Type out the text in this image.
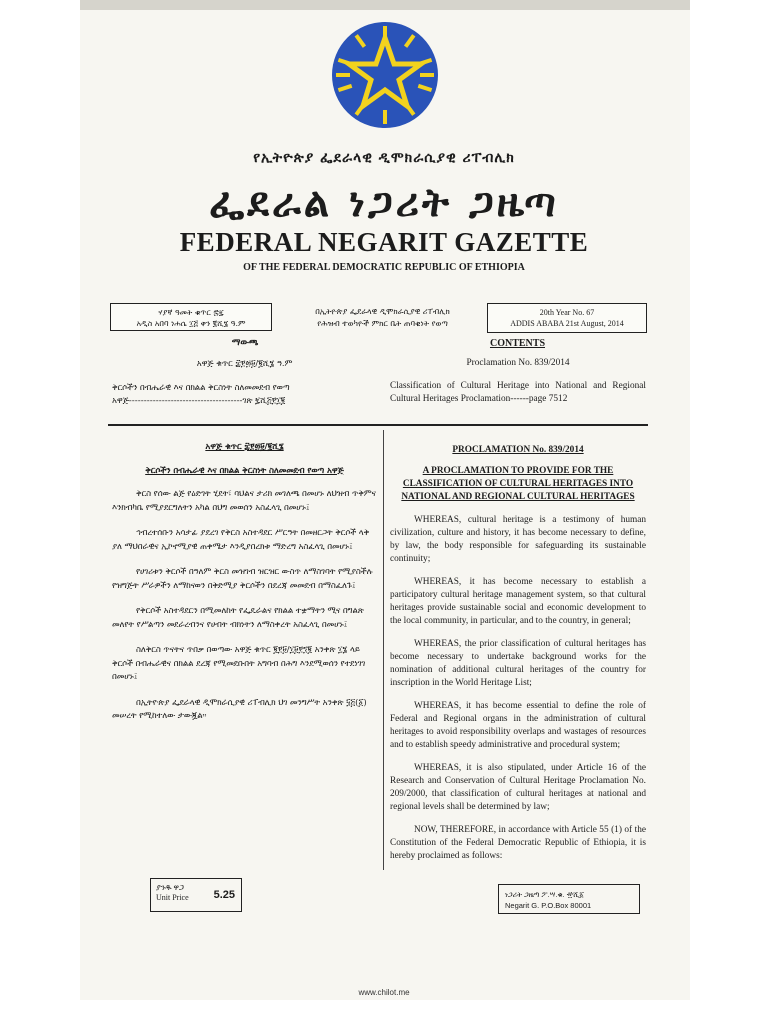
የኢትዮጵያ ፌደራላዊ ዲሞክራሲያዊ ሪፐብሊክ
ፌደራል ነጋሪት ጋዜጣ
FEDERAL NEGARIT GAZETTE
OF THE FEDERAL DEMOCRATIC REPUBLIC OF ETHIOPIA
ሃያኛ ዓመት ቁጥር ፷፯
አዲስ አበባ ነሐሴ ፲፭ ቀን ፪ሺ፮ ዓ.ም
በኢትዮጵያ ፌደራላዊ ዲሞክራሲያዊ ሪፐብሊክ
የሕዝብ ተወካዮች ምክር ቤት ጠባቂነት የወጣ
20th Year No. 67
ADDIS ABABA 21st August, 2014
ማውጫ	CONTENTS

አዋጅ ቁጥር ፰፻፴፱/፪ሺ፮ ዓ.ም

ቅርሶችን በብሔራዊ እና በክልል ቅርስነት ስለመመደብ የወጣ

አዋጅ--------------------------------------ገጽ ፯ሺ፭፻፲፪

Proclamation No. 839/2014

Classification of Cultural Heritage into National and Regional Cultural Heritages Proclamation------page 7512

አዋጅ ቁጥር ፰፻፴፱/፪ሺ፮

ቅርሶችን በብሔራዊ እና በክልል ቅርስነት ስለመመደብ የወጣ አዋጅ

ቅርስ የሰው ልጅ የዕድገት ሂደት፣ ባህልና ታሪክ መገለጫ በመሆኑ ለህዝብ ጥቅምና እንክብካቤ የሚያደርግለትን አካል በህግ መወሰን አስፈላጊ በመሆኑ፤

ኅብረተሰቡን አሳታፊ ያደረገ የቅርስ አስተዳደር ሥርዓት በመዘርጋት ቅርሶች ላቅ ያለ ማህበራዊና ኢኮኖሚያዊ ጠቀሜታ እንዲያበረክቱ ማድረግ አስፈላጊ በመሆኑ፤

የሀገሪቱን ቅርሶች በዓለም ቅርስ መዝገብ ዝርዝር ውስጥ ለማስገባት የሚያስችሉ የዝግጅት ሥራዎችን ለማከናወን በቅድሚያ ቅርሶችን በደረጃ መመደብ በማስፈለጉ፤

የቅርሶች አስተዳደርን በሚመለከት የፌዴራልና የክልል ተቋማትን ሚና በግልጽ መለየት የሥልጣን መደራረብንና የሀብት ብክነትን ለማስቀረት አስፈላጊ በመሆኑ፤

ስለቅርስ ጥናትና ጥበቃ በወጣው አዋጅ ቁጥር ፪፻፱/፲፱፻፺፪ አንቀጽ ፲፮ ላይ ቅርሶች በብሔራዊና በክልል ደረጃ የሚመደቡበት አግባብ በሕግ እንደሚወሰን የተደነገገ በመሆኑ፤

በኢትዮጵያ ፌደራላዊ ዲሞክራሲያዊ ሪፐብሊክ ህገ መንግሥት አንቀጽ ፶፭(፩) መሠረት የሚከተለው ታውጇል።

PROCLAMATION No. 839/2014

A PROCLAMATION TO PROVIDE FOR THE CLASSIFICATION OF CULTURAL HERITAGES INTO NATIONAL AND REGIONAL CULTURAL HERITAGES

WHEREAS, cultural heritage is a testimony of human civilization, culture and history, it has become necessary to define, by law, the body responsible for safeguarding its sustainable continuity;

WHEREAS, it has become necessary to establish a participatory cultural heritage management system, so that cultural heritages provide sustainable social and economic development to the local community, in particular, and to the country, in general;

WHEREAS, the prior classification of cultural heritages has become necessary to undertake background works for the nomination of additional cultural heritages of the country for inscription in the World Heritage List;

WHEREAS, it has become essential to define the role of Federal and Regional organs in the administration of cultural heritages to avoid responsibility overlaps and wastages of resources and to establish speedy administrative and procedural system;

WHEREAS, it is also stipulated, under Article 16 of the Research and Conservation of Cultural Heritage Proclamation No. 209/2000, that classification of cultural heritages at national and regional levels shall be determined by law;

NOW, THEREFORE, in accordance with Article 55 (1) of the Constitution of the Federal Democratic Republic of Ethiopia, it is hereby proclaimed as follows:

ያንዱ ዋጋ
Unit Price	5.25	ነጋሪት ጋዜጣ ፖ.ሣ.ቁ. ፹ሺ፩
Negarit G. P.O.Box 80001
www.chilot.me
